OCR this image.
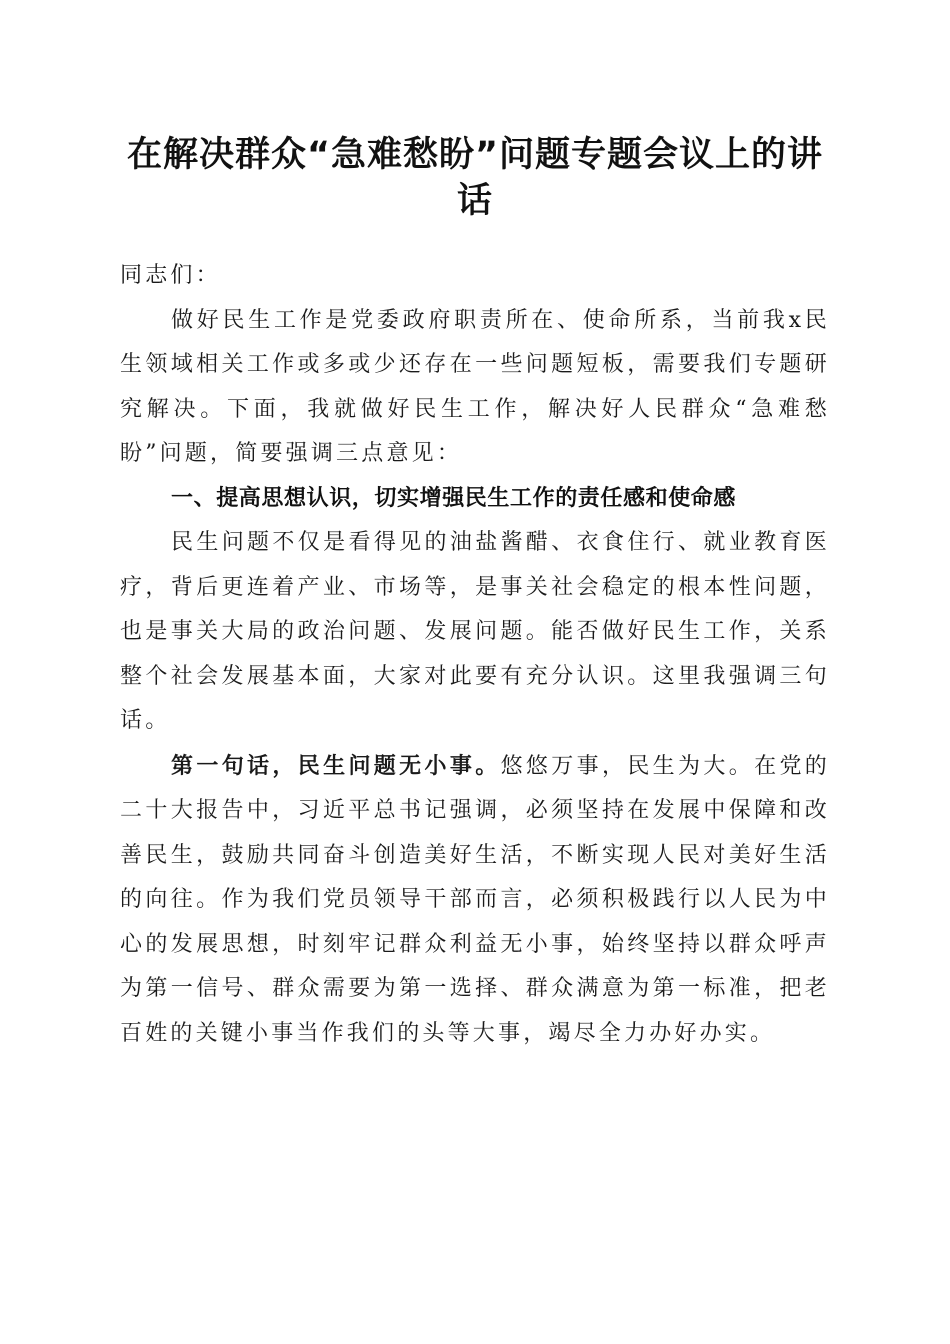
在解决群众“急难愁盼”问题专题会议上的讲话

同志们：

做好民生工作是党委政府职责所在、使命所系，当前我x民生领域相关工作或多或少还存在一些问题短板，需要我们专题研究解决。下面，我就做好民生工作，解决好人民群众“急难愁盼”问题，简要强调三点意见：

一、提高思想认识，切实增强民生工作的责任感和使命感

民生问题不仅是看得见的油盐酱醋、衣食住行、就业教育医疗，背后更连着产业、市场等，是事关社会稳定的根本性问题，也是事关大局的政治问题、发展问题。能否做好民生工作，关系整个社会发展基本面，大家对此要有充分认识。这里我强调三句话。

第一句话，民生问题无小事。悠悠万事，民生为大。在党的二十大报告中，习近平总书记强调，必须坚持在发展中保障和改善民生，鼓励共同奋斗创造美好生活，不断实现人民对美好生活的向往。作为我们党员领导干部而言，必须积极践行以人民为中心的发展思想，时刻牢记群众利益无小事，始终坚持以群众呼声为第一信号、群众需要为第一选择、群众满意为第一标准，把老百姓的关键小事当作我们的头等大事，竭尽全力办好办实。
